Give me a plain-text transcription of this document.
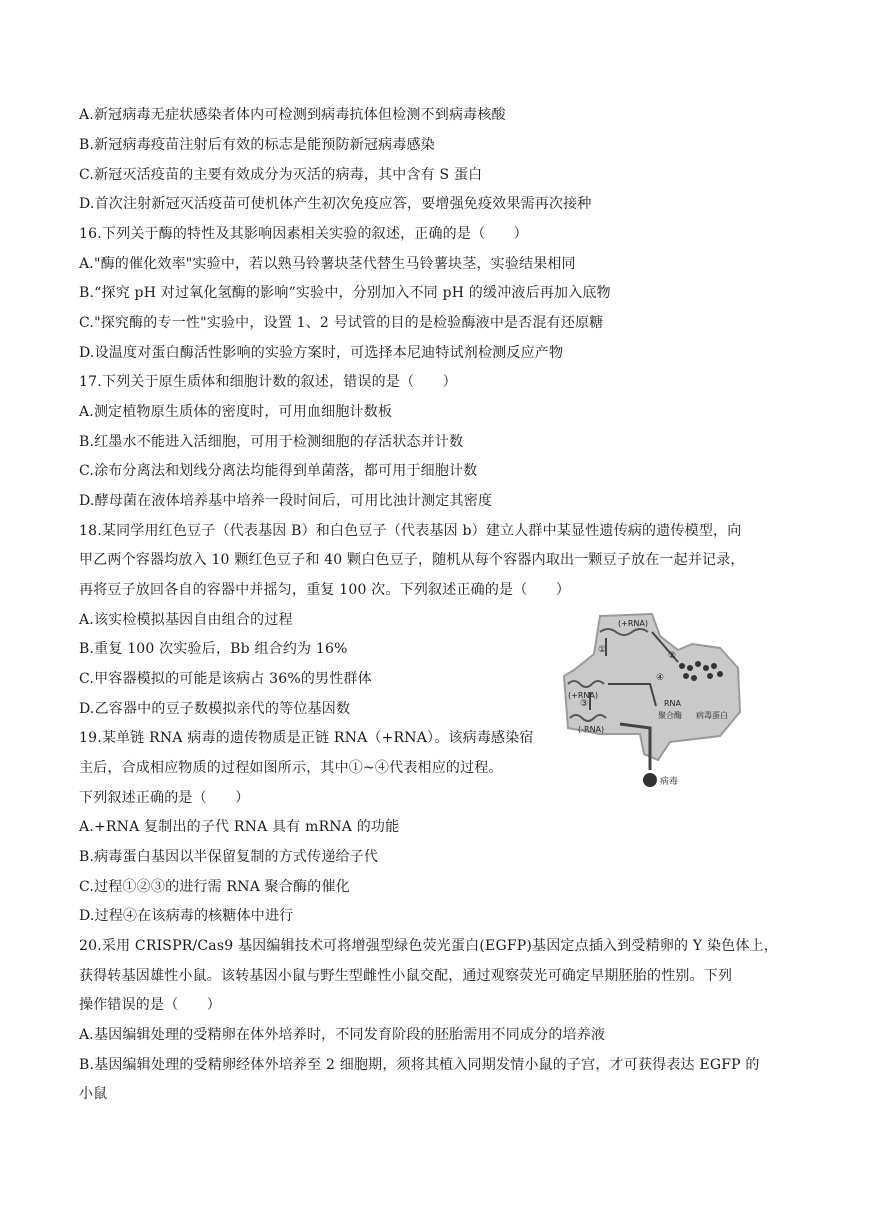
A.新冠病毒无症状感染者体内可检测到病毒抗体但检测不到病毒核酸
B.新冠病毒疫苗注射后有效的标志是能预防新冠病毒感染
C.新冠灭活疫苗的主要有效成分为灭活的病毒，其中含有 S 蛋白
D.首次注射新冠灭活疫苗可使机体产生初次免疫应答，要增强免疫效果需再次接种
16.下列关于酶的特性及其影响因素相关实验的叙述，正确的是（　　）
A."酶的催化效率"实验中，若以熟马铃薯块茎代替生马铃薯块茎，实验结果相同
B.“探究 pH 对过氧化氢酶的影响”实验中，分别加入不同 pH 的缓冲液后再加入底物
C."探究酶的专一性"实验中，设置 1、2 号试管的目的是检验酶液中是否混有还原糖
D.设温度对蛋白酶活性影响的实验方案时，可选择本尼迪特试剂检测反应产物
17.下列关于原生质体和细胞计数的叙述，错误的是（　　）
A.测定植物原生质体的密度时，可用血细胞计数板
B.红墨水不能进入活细胞，可用于检测细胞的存活状态并计数
C.涂布分离法和划线分离法均能得到单菌落，都可用于细胞计数
D.酵母菌在液体培养基中培养一段时间后，可用比浊计测定其密度
18.某同学用红色豆子（代表基因 B）和白色豆子（代表基因 b）建立人群中某显性遗传病的遗传模型，向
甲乙两个容器均放入 10 颗红色豆子和 40 颗白色豆子，随机从每个容器内取出一颗豆子放在一起并记录，
再将豆子放回各自的容器中并摇匀，重复 100 次。下列叙述正确的是（　　）
A.该实检模拟基因自由组合的过程
B.重复 100 次实验后，Bb 组合约为 16%
C.甲容器模拟的可能是该病占 36%的男性群体
D.乙容器中的豆子数模拟亲代的等位基因数
19.某单链 RNA 病毒的遗传物质是正链 RNA（+RNA）。该病毒感染宿
主后，合成相应物质的过程如图所示，其中①~④代表相应的过程。
下列叙述正确的是（　　）
A.+RNA 复制出的子代 RNA 具有 mRNA 的功能
B.病毒蛋白基因以半保留复制的方式传递给子代
C.过程①②③的进行需 RNA 聚合酶的催化
D.过程④在该病毒的核糖体中进行
20.采用 CRISPR/Cas9 基因编辑技术可将增强型绿色荧光蛋白(EGFP)基因定点插入到受精卵的 Y 染色体上，
获得转基因雄性小鼠。该转基因小鼠与野生型雌性小鼠交配，通过观察荧光可确定早期胚胎的性别。下列
操作错误的是（　　）
A.基因编辑处理的受精卵在体外培养时，不同发育阶段的胚胎需用不同成分的培养液
B.基因编辑处理的受精卵经体外培养至 2 细胞期，须将其植入同期发情小鼠的子宫，才可获得表达 EGFP 的
小鼠
(+RNA)
(+RNA)
(-RNA)
RNA
聚合酶 病毒蛋白
病毒
①
②
③
④
